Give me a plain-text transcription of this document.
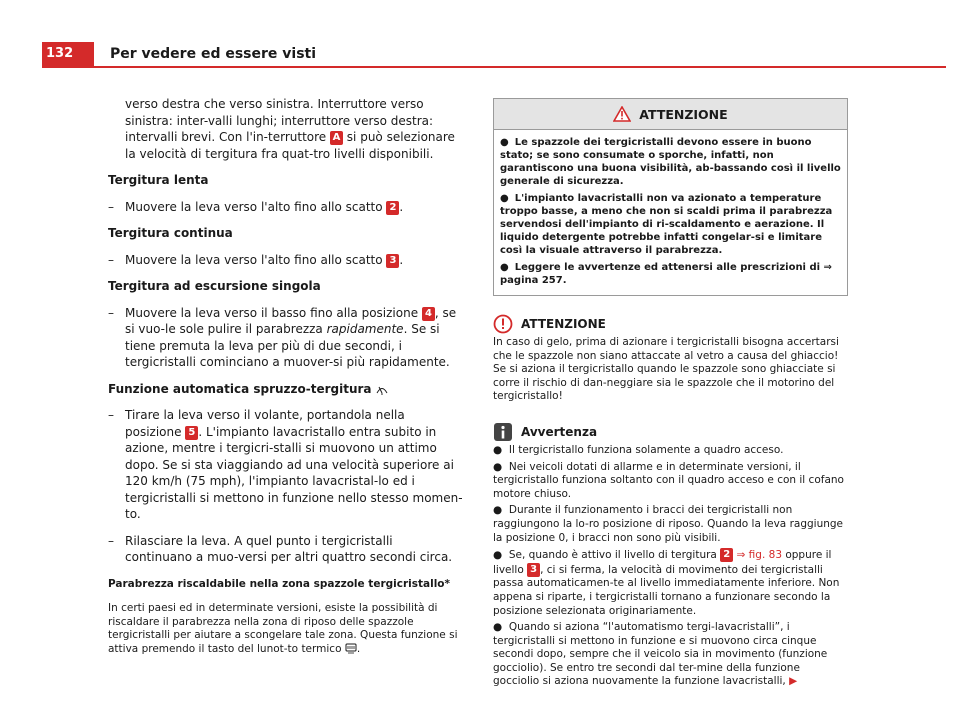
132	Per vedere ed essere visti

verso destra che verso sinistra. Interruttore verso sinistra: inter-valli lunghi; interruttore verso destra: intervalli brevi. Con l'in-terruttore A si può selezionare la velocità di tergitura fra quat-tro livelli disponibili.

Tergitura lenta

– Muovere la leva verso l'alto fino allo scatto 2 .

Tergitura continua

– Muovere la leva verso l'alto fino allo scatto 3 .

Tergitura ad escursione singola

– Muovere la leva verso il basso fino alla posizione 4 , se si vuo-le sole pulire il parabrezza rapidamente. Se si tiene premuta la leva per più di due secondi, i tergicristalli cominciano a muover-si più rapidamente.

Funzione automatica spruzzo-tergitura

– Tirare la leva verso il volante, portandola nella posizione 5 . L'impianto lavacristallo entra subito in azione, mentre i tergicri-stalli si muovono un attimo dopo. Se si sta viaggiando ad una velocità superiore ai 120 km/h (75 mph), l'impianto lavacristal-lo ed i tergicristalli si mettono in funzione nello stesso momen-to.
– Rilasciare la leva. A quel punto i tergicristalli continuano a muo-versi per altri quattro secondi circa.

Parabrezza riscaldabile nella zona spazzole tergicristallo*

In certi paesi ed in determinate versioni, esiste la possibilità di riscaldare il parabrezza nella zona di riposo delle spazzole tergicristalli per aiutare a scongelare tale zona. Questa funzione si attiva premendo il tasto del lunot-to termico .

ATTENZIONE

● Le spazzole dei tergicristalli devono essere in buono stato; se sono consumate o sporche, infatti, non garantiscono una buona visibilità, ab-bassando così il livello generale di sicurezza.

● L'impianto lavacristalli non va azionato a temperature troppo basse, a meno che non si scaldi prima il parabrezza servendosi dell'impianto di ri-scaldamento e aerazione. Il liquido detergente potrebbe infatti congelar-si e limitare così la visuale attraverso il parabrezza.

● Leggere le avvertenze ed attenersi alle prescrizioni di ⇒ pagina 257.

ATTENZIONE

In caso di gelo, prima di azionare i tergicristalli bisogna accertarsi che le spazzole non siano attaccate al vetro a causa del ghiaccio! Se si aziona il tergicristallo quando le spazzole sono ghiacciate si corre il rischio di dan-neggiare sia le spazzole che il motorino del tergicristallo!

Avvertenza

● Il tergicristallo funziona solamente a quadro acceso.

● Nei veicoli dotati di allarme e in determinate versioni, il tergicristallo funziona soltanto con il quadro acceso e con il cofano motore chiuso.

● Durante il funzionamento i bracci dei tergicristalli non raggiungono la lo-ro posizione di riposo. Quando la leva raggiunge la posizione 0, i bracci non sono più visibili.

● Se, quando è attivo il livello di tergitura 2 ⇒ fig. 83 oppure il livello 3 , ci si ferma, la velocità di movimento dei tergicristalli passa automaticamen-te al livello immediatamente inferiore. Non appena si riparte, i tergicristalli tornano a funzionare secondo la posizione selezionata originariamente.

● Quando si aziona “l'automatismo tergi-lavacristalli”, i tergicristalli si mettono in funzione e si muovono circa cinque secondi dopo, sempre che il veicolo sia in movimento (funzione gocciolio). Se entro tre secondi dal ter-mine della funzione gocciolio si aziona nuovamente la funzione lavacristalli, ▶
